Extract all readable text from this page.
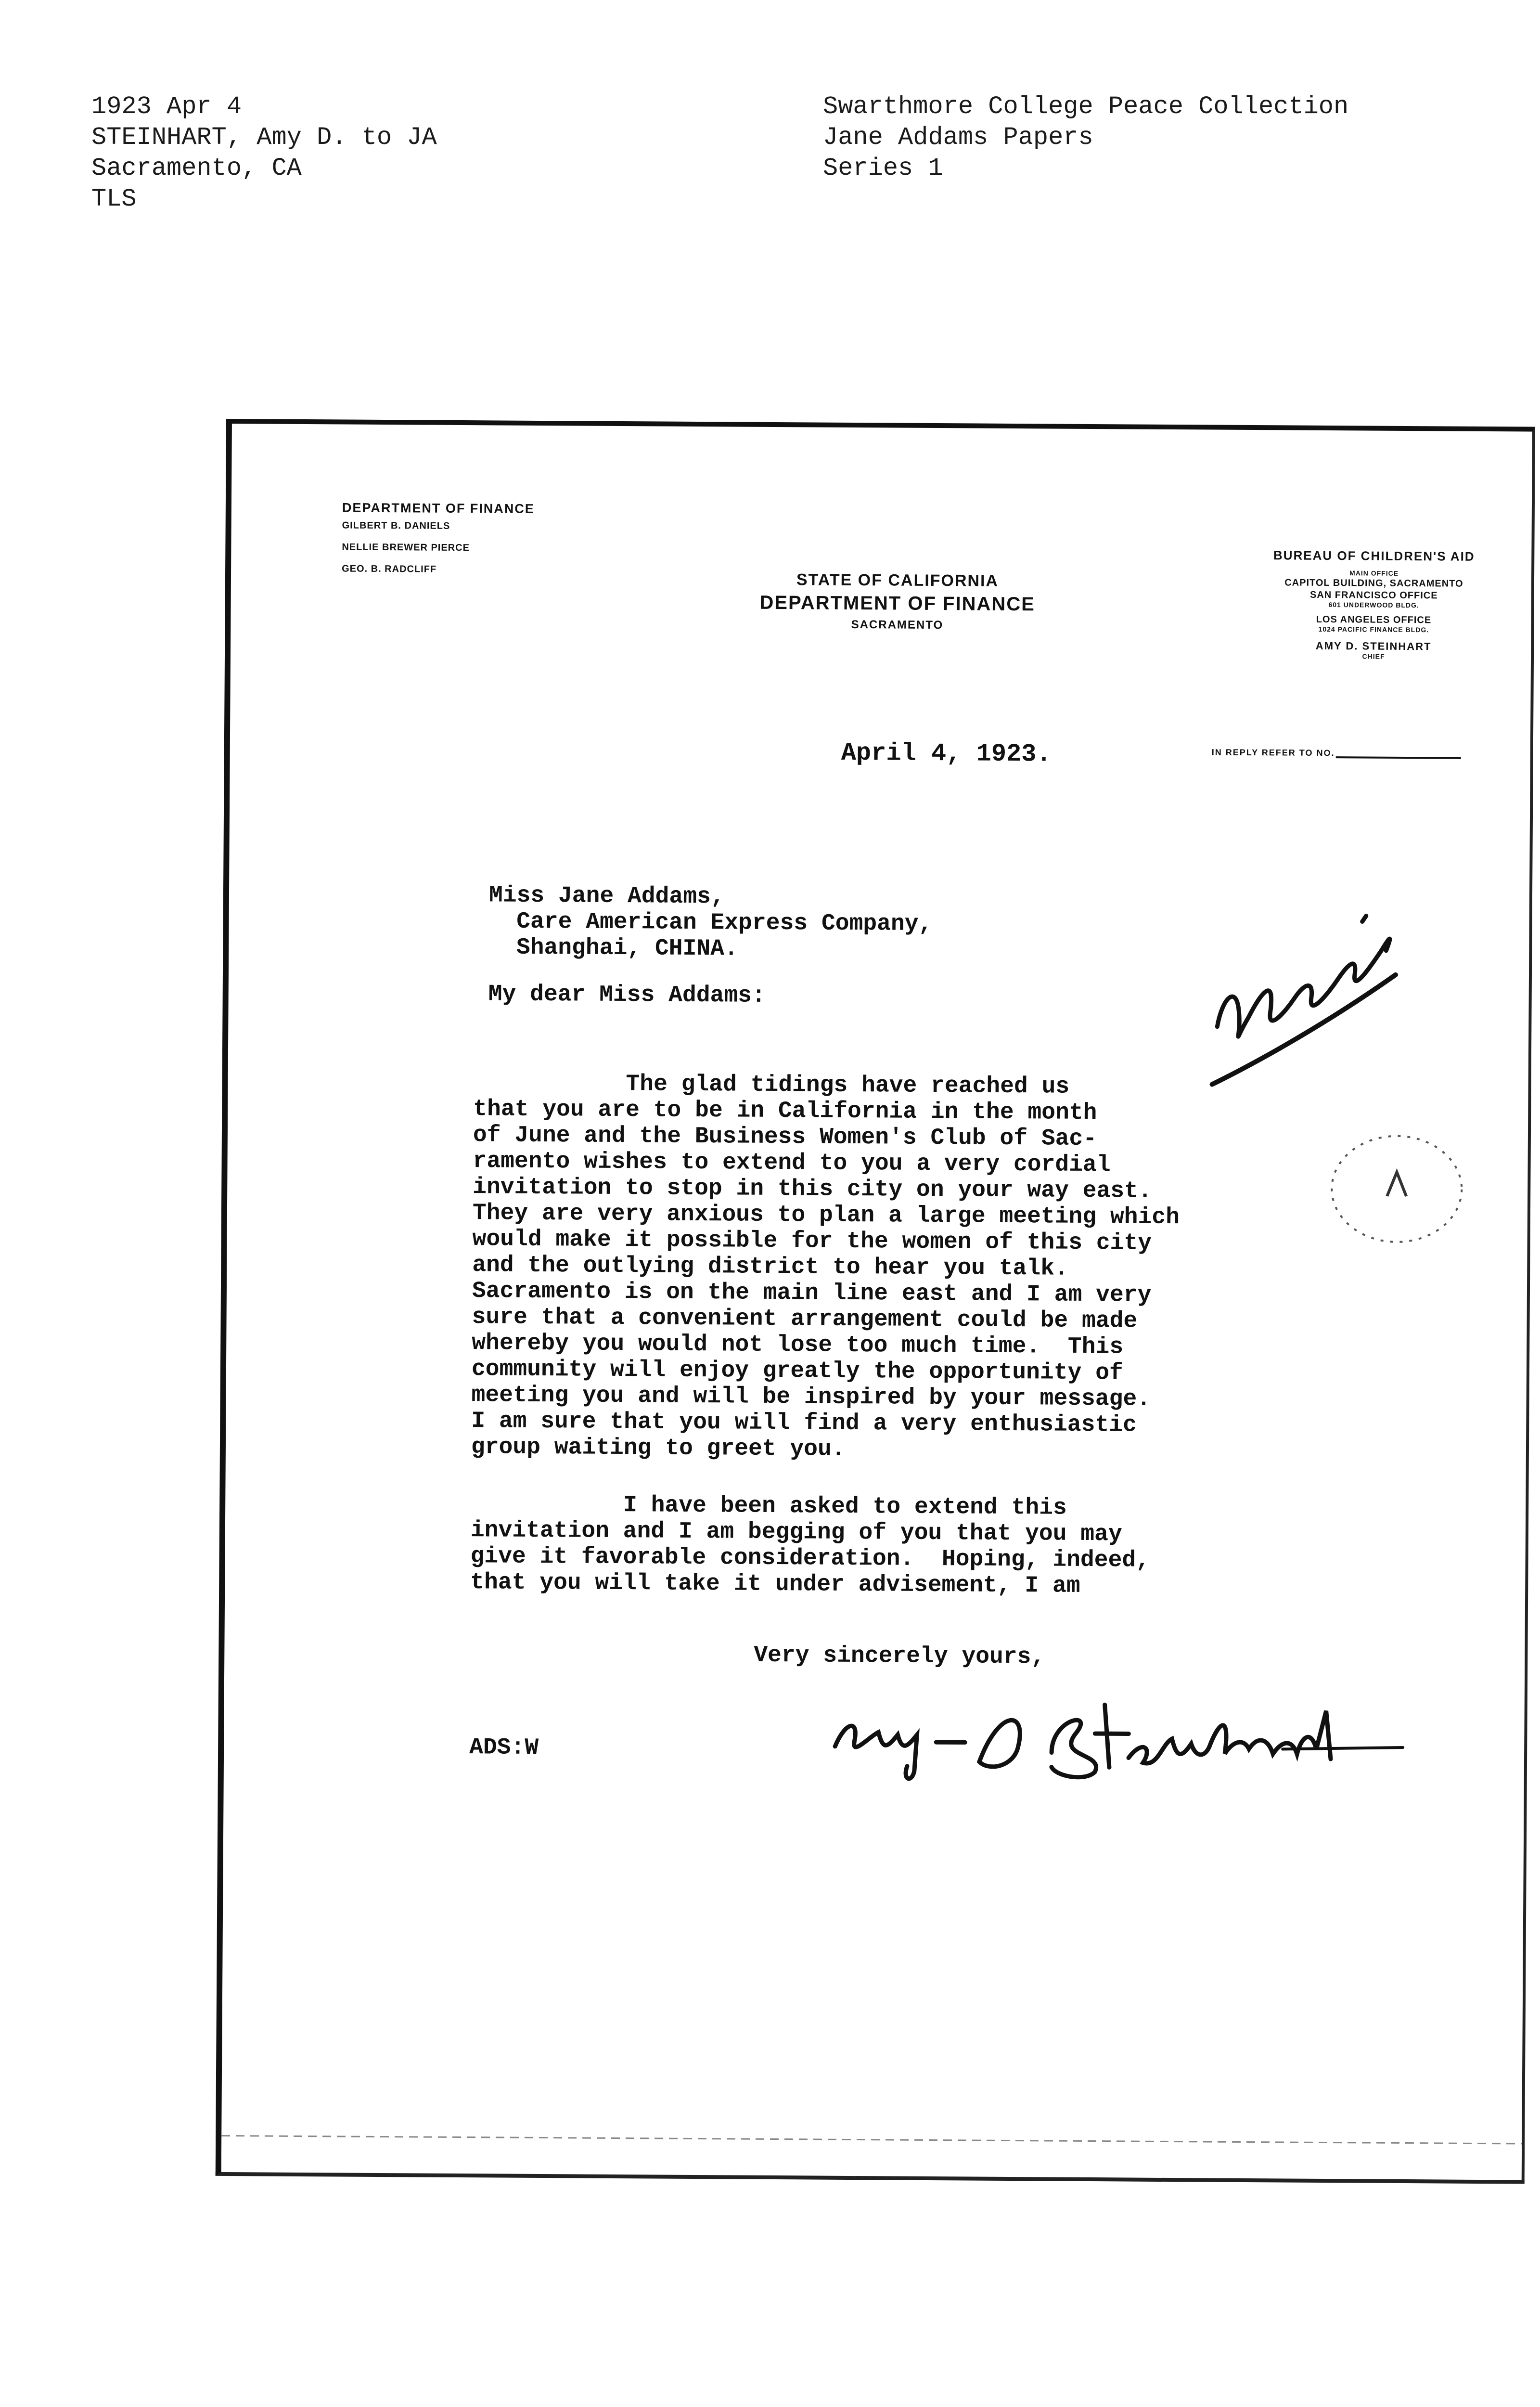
1923 Apr 4
STEINHART, Amy D. to JA
Sacramento, CA
TLS
Swarthmore College Peace Collection
Jane Addams Papers
Series 1

DEPARTMENT OF FINANCE
GILBERT B. DANIELS

NELLIE BREWER PIERCE

GEO. B. RADCLIFF

STATE OF CALIFORNIA
DEPARTMENT OF FINANCE
SACRAMENTO
BUREAU OF CHILDREN'S AID
MAIN OFFICE
CAPITOL BUILDING, SACRAMENTO
SAN FRANCISCO OFFICE
601 UNDERWOOD BLDG.
LOS ANGELES OFFICE
1024 PACIFIC FINANCE BLDG.
AMY D. STEINHART
CHIEF
IN REPLY REFER TO NO.
April 4, 1923.
Miss Jane Addams,
Care American Express Company,
Shanghai, CHINA.
My dear Miss Addams:
The glad tidings have reached us
that you are to be in California in the month
of June and the Business Women's Club of Sac-
ramento wishes to extend to you a very cordial
invitation to stop in this city on your way east.
They are very anxious to plan a large meeting which
would make it possible for the women of this city
and the outlying district to hear you talk.
Sacramento is on the main line east and I am very
sure that a convenient arrangement could be made
whereby you would not lose too much time.  This
community will enjoy greatly the opportunity of
meeting you and will be inspired by your message.
I am sure that you will find a very enthusiastic
group waiting to greet you.
I have been asked to extend this
invitation and I am begging of you that you may
give it favorable consideration.  Hoping, indeed,
that you will take it under advisement, I am
Very sincerely yours,
ADS:W
